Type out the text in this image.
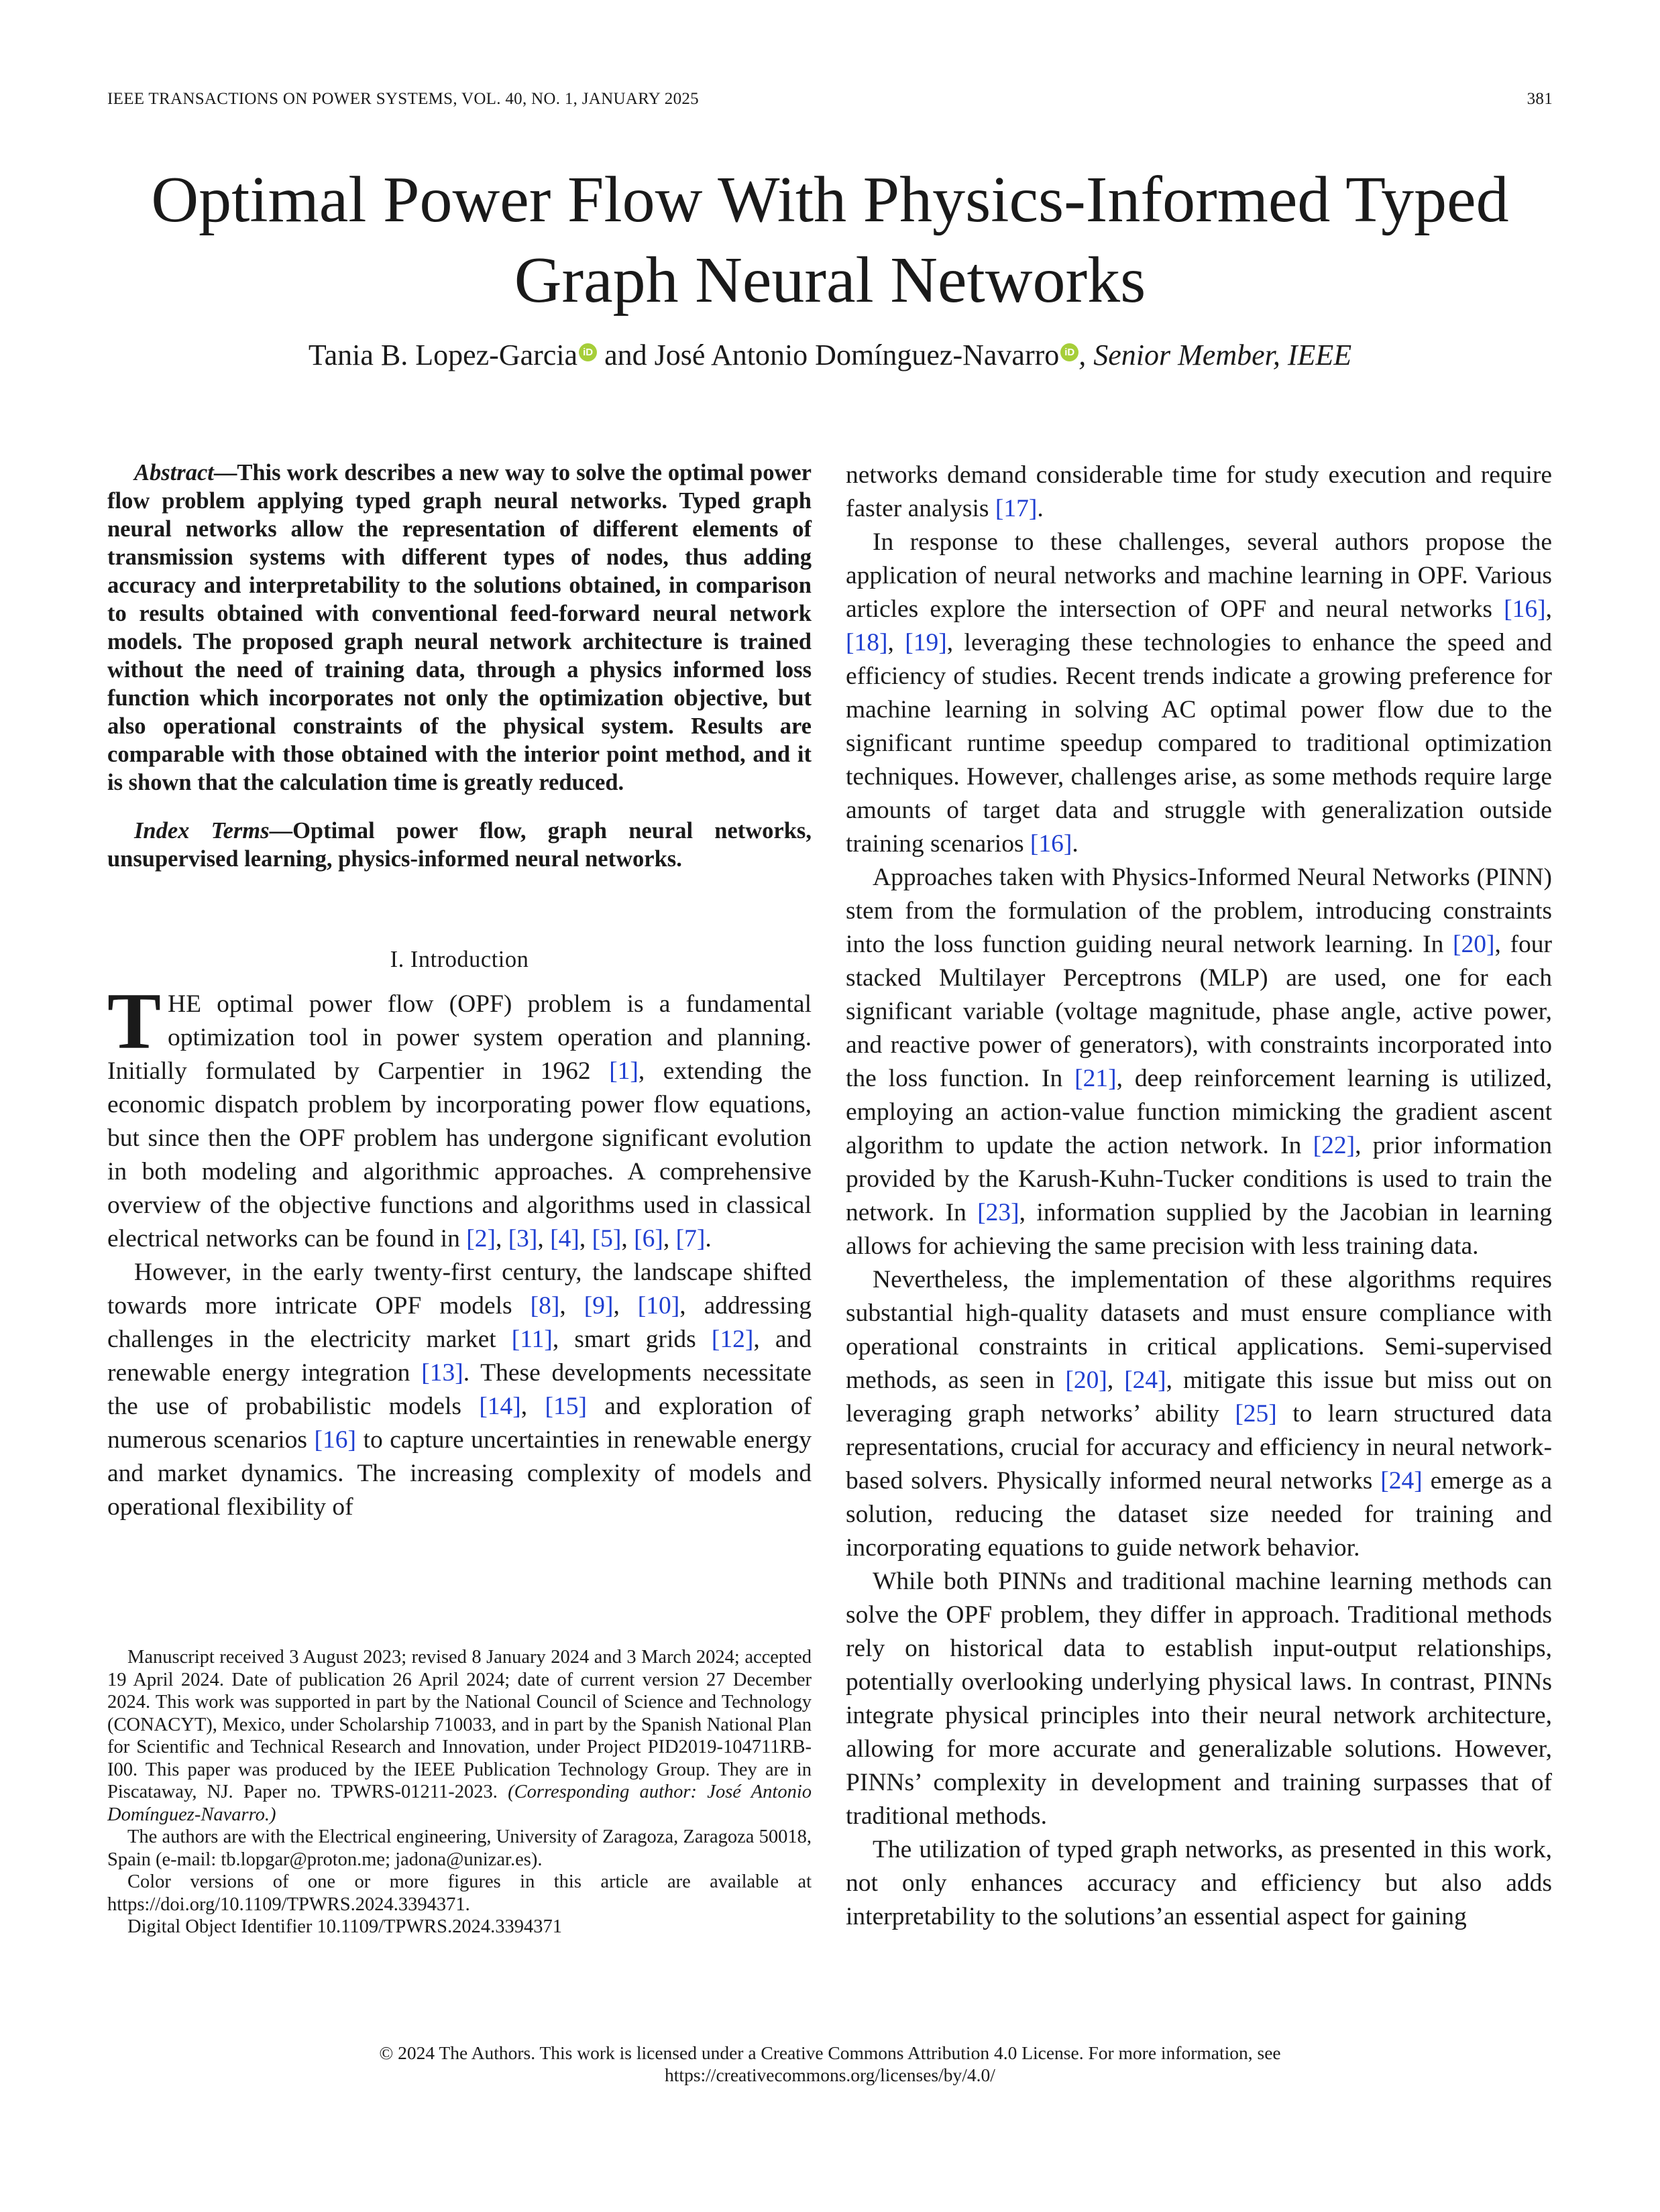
IEEE TRANSACTIONS ON POWER SYSTEMS, VOL. 40, NO. 1, JANUARY 2025	381
Optimal Power Flow With Physics-Informed Typed
Graph Neural Networks
Tania B. Lopez-Garcia iD and José Antonio Domínguez-Navarro iD , Senior Member, IEEE

Abstract—This work describes a new way to solve the optimal power flow problem applying typed graph neural networks. Typed graph neural networks allow the representation of different elements of transmission systems with different types of nodes, thus adding accuracy and interpretability to the solutions obtained, in comparison to results obtained with conventional feed-forward neural network models. The proposed graph neural network architecture is trained without the need of training data, through a physics informed loss function which incorporates not only the optimization objective, but also operational constraints of the physical system. Results are comparable with those obtained with the interior point method, and it is shown that the calculation time is greatly reduced.

Index Terms—Optimal power flow, graph neural networks, unsupervised learning, physics-informed neural networks.

I. Introduction

THE optimal power flow (OPF) problem is a fundamental optimization tool in power system operation and planning. Initially formulated by Carpentier in 1962 [1], extending the economic dispatch problem by incorporating power flow equations, but since then the OPF problem has undergone significant evolution in both modeling and algorithmic approaches. A comprehensive overview of the objective functions and algorithms used in classical electrical networks can be found in [2], [3], [4], [5], [6], [7].

However, in the early twenty-first century, the landscape shifted towards more intricate OPF models [8], [9], [10], addressing challenges in the electricity market [11], smart grids [12], and renewable energy integration [13]. These developments necessitate the use of probabilistic models [14], [15] and exploration of numerous scenarios [16] to capture uncertainties in renewable energy and market dynamics. The increasing complexity of models and operational flexibility of

networks demand considerable time for study execution and require faster analysis [17].

In response to these challenges, several authors propose the application of neural networks and machine learning in OPF. Various articles explore the intersection of OPF and neural networks [16], [18], [19], leveraging these technologies to enhance the speed and efficiency of studies. Recent trends indicate a growing preference for machine learning in solving AC optimal power flow due to the significant runtime speedup compared to traditional optimization techniques. However, challenges arise, as some methods require large amounts of target data and struggle with generalization outside training scenarios [16].

Approaches taken with Physics-Informed Neural Networks (PINN) stem from the formulation of the problem, introducing constraints into the loss function guiding neural network learning. In [20], four stacked Multilayer Perceptrons (MLP) are used, one for each significant variable (voltage magnitude, phase angle, active power, and reactive power of generators), with constraints incorporated into the loss function. In [21], deep reinforcement learning is utilized, employing an action-value function mimicking the gradient ascent algorithm to update the action network. In [22], prior information provided by the Karush-Kuhn-Tucker conditions is used to train the network. In [23], information supplied by the Jacobian in learning allows for achieving the same precision with less training data.

Nevertheless, the implementation of these algorithms requires substantial high-quality datasets and must ensure compliance with operational constraints in critical applications. Semi-supervised methods, as seen in [20], [24], mitigate this issue but miss out on leveraging graph networks’ ability [25] to learn structured data representations, crucial for accuracy and efficiency in neural network-based solvers. Physically informed neural networks [24] emerge as a solution, reducing the dataset size needed for training and incorporating equations to guide network behavior.

While both PINNs and traditional machine learning methods can solve the OPF problem, they differ in approach. Traditional methods rely on historical data to establish input-output relationships, potentially overlooking underlying physical laws. In contrast, PINNs integrate physical principles into their neural network architecture, allowing for more accurate and generalizable solutions. However, PINNs’ complexity in development and training surpasses that of traditional methods.

The utilization of typed graph networks, as presented in this work, not only enhances accuracy and efficiency but also adds interpretability to the solutions’an essential aspect for gaining

Manuscript received 3 August 2023; revised 8 January 2024 and 3 March 2024; accepted 19 April 2024. Date of publication 26 April 2024; date of current version 27 December 2024. This work was supported in part by the National Council of Science and Technology (CONACYT), Mexico, under Scholarship 710033, and in part by the Spanish National Plan for Scientific and Technical Research and Innovation, under Project PID2019-104711RB-I00. This paper was produced by the IEEE Publication Technology Group. They are in Piscataway, NJ. Paper no. TPWRS-01211-2023. (Corresponding author: José Antonio Domínguez-Navarro.)

The authors are with the Electrical engineering, University of Zaragoza, Zaragoza 50018, Spain (e-mail: tb.lopgar@proton.me; jadona@unizar.es).

Color versions of one or more figures in this article are available at https://doi.org/10.1109/TPWRS.2024.3394371.

Digital Object Identifier 10.1109/TPWRS.2024.3394371

© 2024 The Authors. This work is licensed under a Creative Commons Attribution 4.0 License. For more information, see
https://creativecommons.org/licenses/by/4.0/
